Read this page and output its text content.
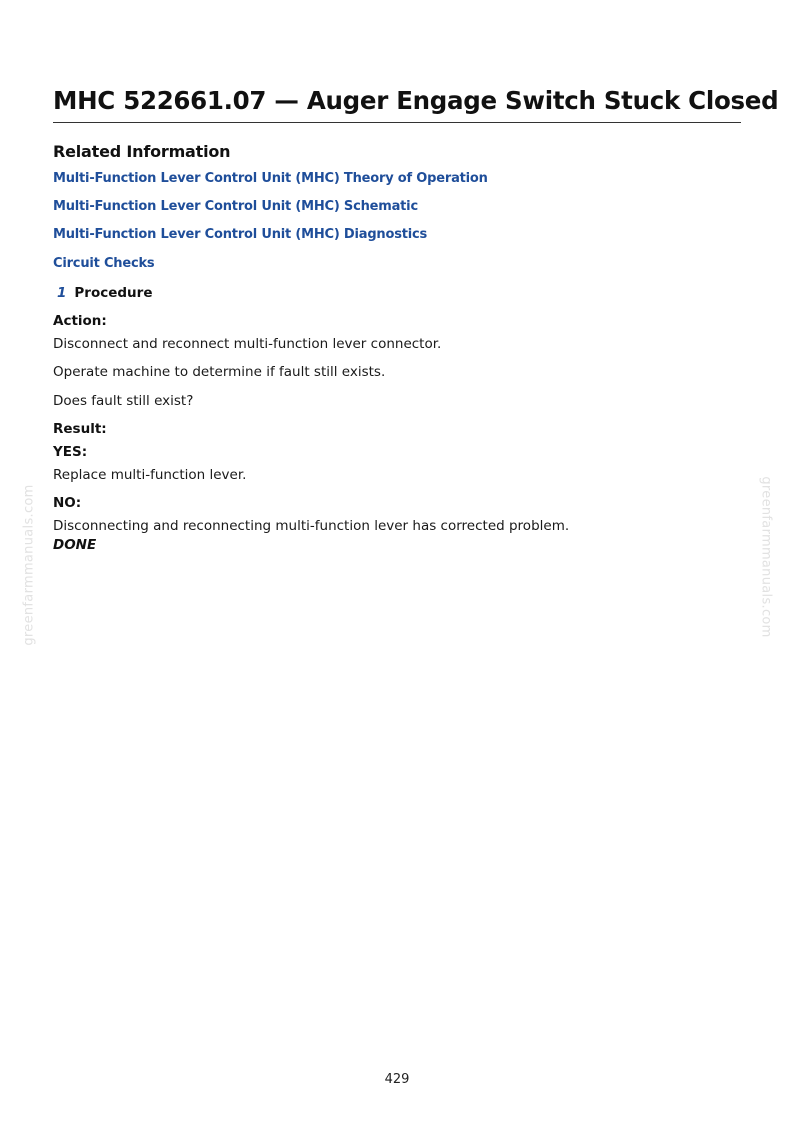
greenfarmmanuals.com	greenfarmmanuals.com
MHC 522661.07 — Auger Engage Switch Stuck Closed
Related Information
Multi-Function Lever Control Unit (MHC) Theory of Operation
Multi-Function Lever Control Unit (MHC) Schematic
Multi-Function Lever Control Unit (MHC) Diagnostics
Circuit Checks
1 Procedure
Action:
Disconnect and reconnect multi-function lever connector.
Operate machine to determine if fault still exists.
Does fault still exist?
Result:
YES:
Replace multi-function lever.
NO:
Disconnecting and reconnecting multi-function lever has corrected problem.
DONE
429
